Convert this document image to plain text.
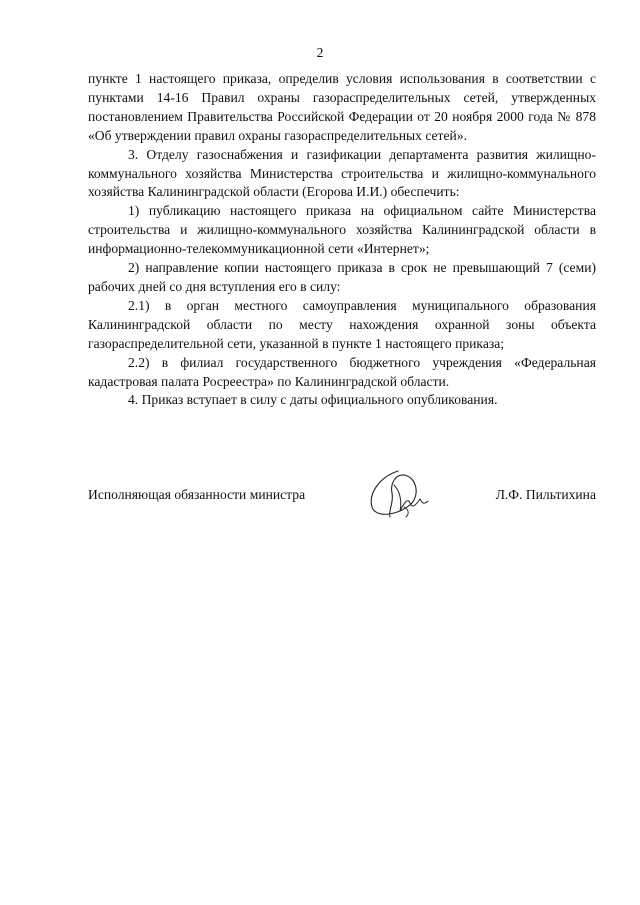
2

пункте 1 настоящего приказа, определив условия использования в соответствии с пунктами 14-16 Правил охраны газораспределительных сетей, утвержденных постановлением Правительства Российской Федерации от 20 ноября 2000 года № 878 «Об утверждении правил охраны газораспределительных сетей».

3. Отделу газоснабжения и газификации департамента развития жилищно-коммунального хозяйства Министерства строительства и жилищно-коммунального хозяйства Калининградской области (Егорова И.И.) обеспечить:

1) публикацию настоящего приказа на официальном сайте Министерства строительства и жилищно-коммунального хозяйства Калининградской области в информационно-телекоммуникационной сети «Интернет»;

2) направление копии настоящего приказа в срок не превышающий 7 (семи) рабочих дней со дня вступления его в силу:

2.1) в орган местного самоуправления муниципального образования Калининградской области по месту нахождения охранной зоны объекта газораспределительной сети, указанной в пункте 1 настоящего приказа;

2.2) в филиал государственного бюджетного учреждения «Федеральная кадастровая палата Росреестра» по Калининградской области.

4. Приказ вступает в силу с даты официального опубликования.

Исполняющая обязанности министра	Л.Ф. Пильтихина
